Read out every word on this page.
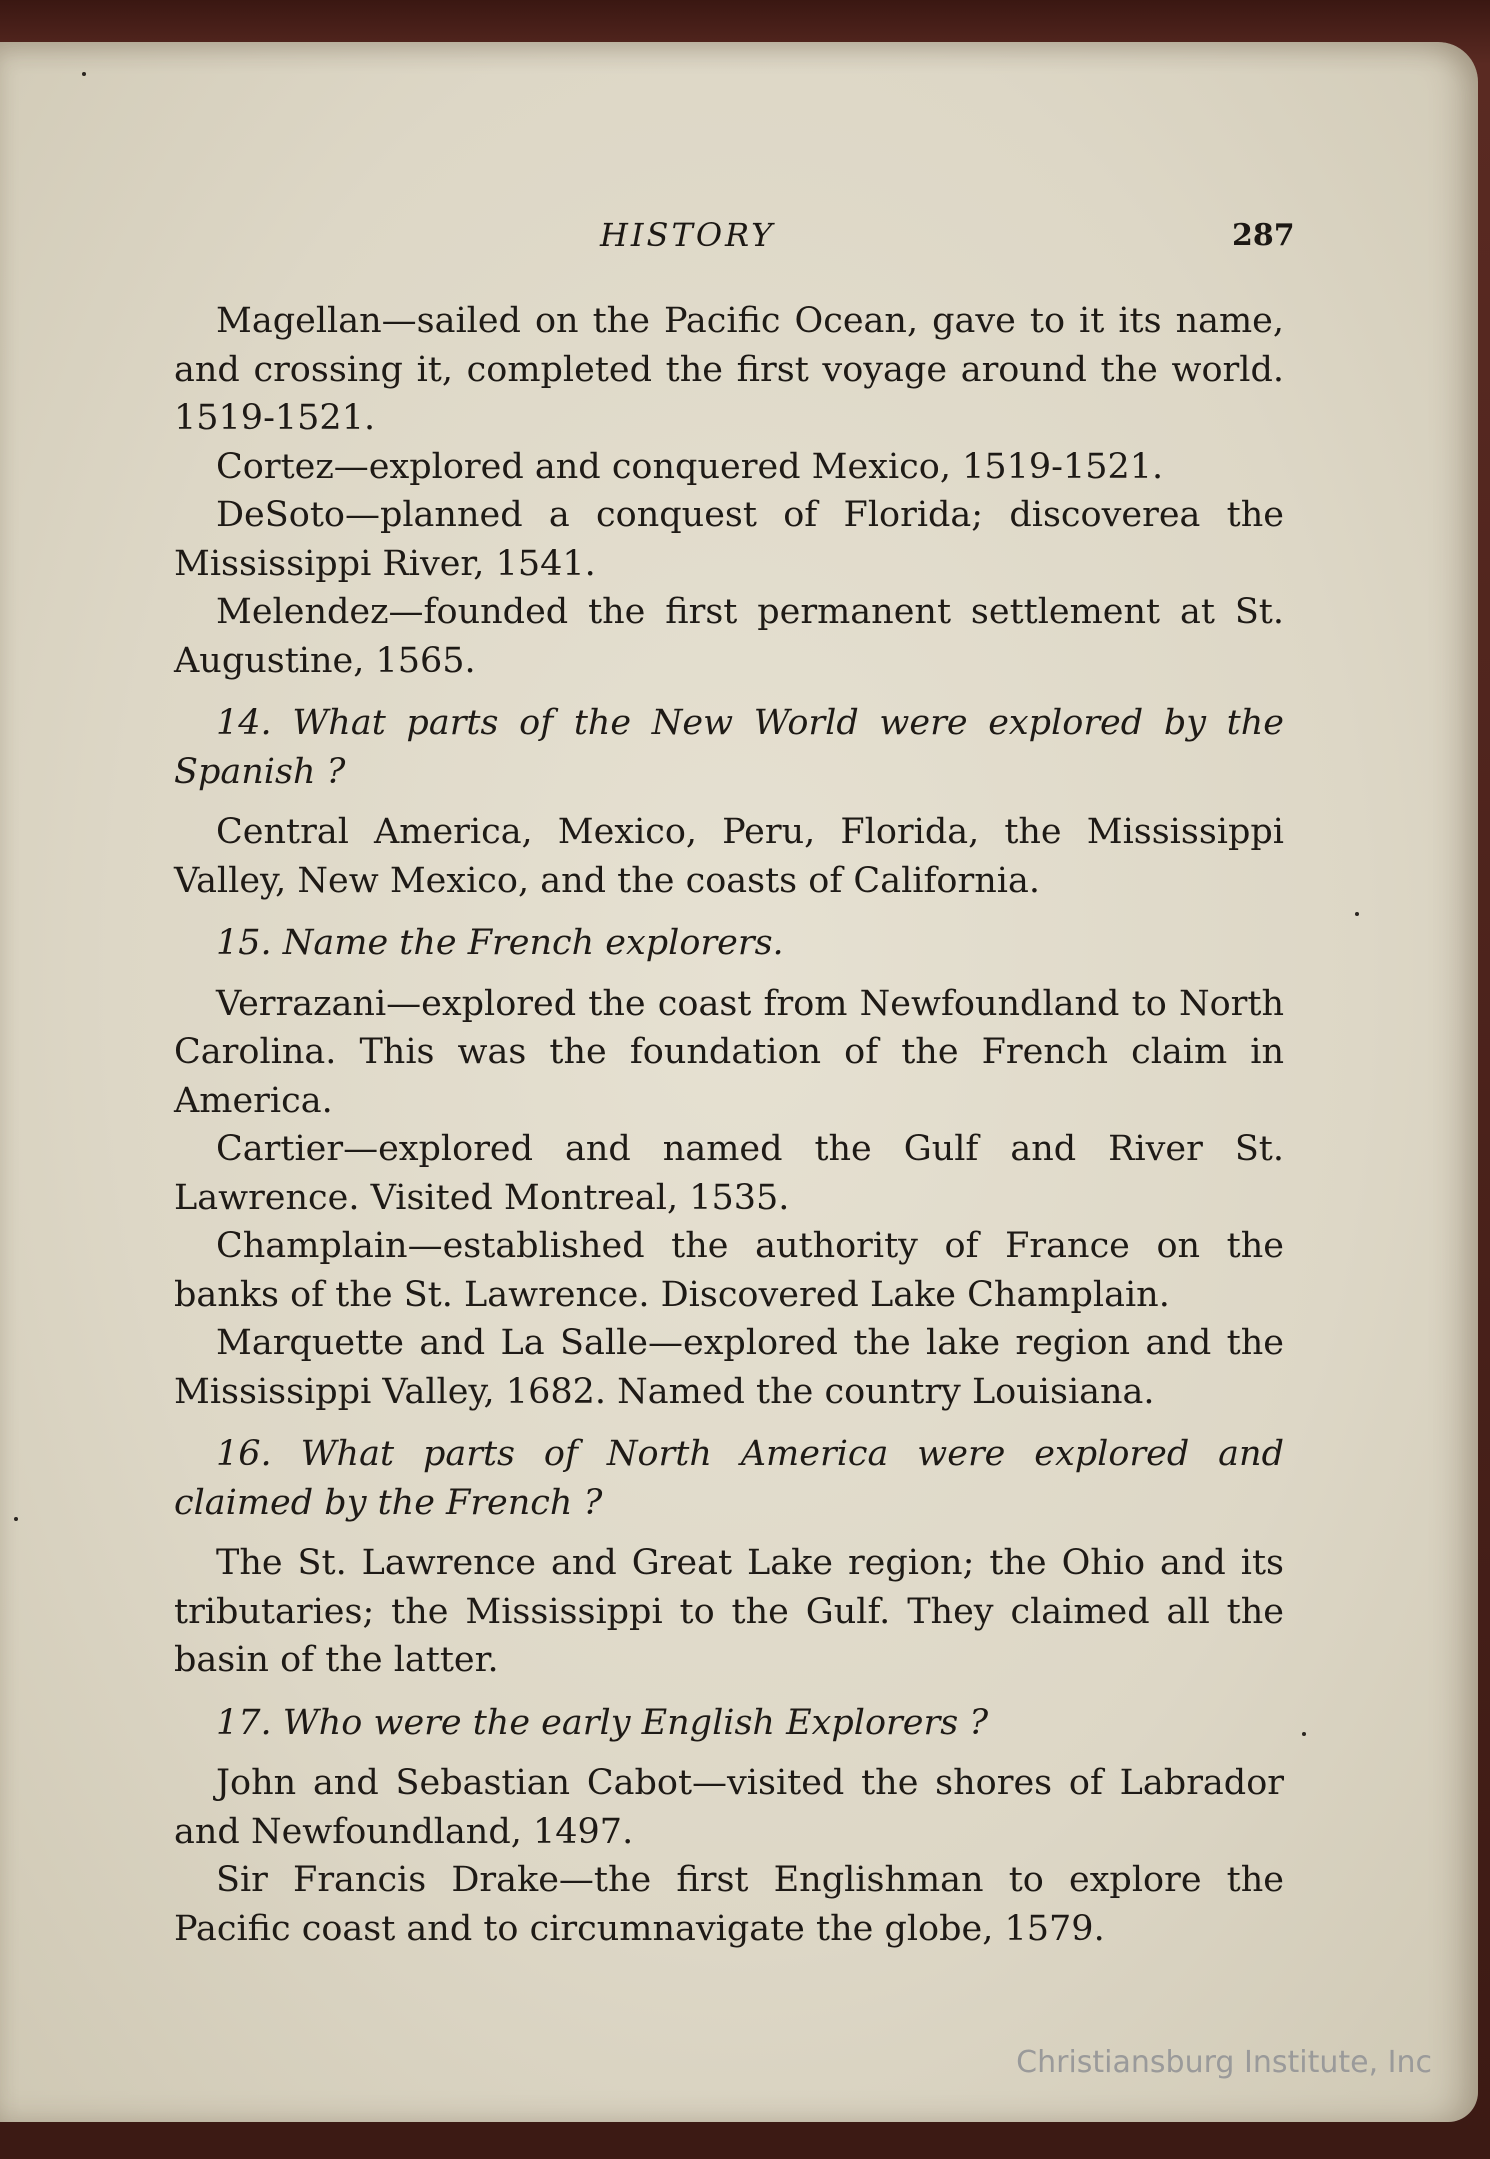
HISTORY	287

Magellan—sailed on the Pacific Ocean, gave to it its name, and crossing it, completed the first voyage around the world. 1519-1521.

Cortez—explored and conquered Mexico, 1519-1521.

DeSoto—planned a conquest of Florida; discoverea the Mississippi River, 1541.

Melendez—founded the first permanent settlement at St. Augustine, 1565.

14. What parts of the New World were explored by the Spanish ?

Central America, Mexico, Peru, Florida, the Mississippi Valley, New Mexico, and the coasts of California.

15. Name the French explorers.

Verrazani—explored the coast from Newfoundland to North Carolina. This was the foundation of the French claim in America.

Cartier—explored and named the Gulf and River St. Lawrence. Visited Montreal, 1535.

Champlain—established the authority of France on the banks of the St. Lawrence. Discovered Lake Champlain.

Marquette and La Salle—explored the lake region and the Mississippi Valley, 1682. Named the country Louisiana.

16. What parts of North America were explored and claimed by the French ?

The St. Lawrence and Great Lake region; the Ohio and its tributaries; the Mississippi to the Gulf. They claimed all the basin of the latter.

17. Who were the early English Explorers ?

John and Sebastian Cabot—visited the shores of Labrador and Newfoundland, 1497.

Sir Francis Drake—the first Englishman to explore the Pacific coast and to circumnavigate the globe, 1579.

Christiansburg Institute, Inc
